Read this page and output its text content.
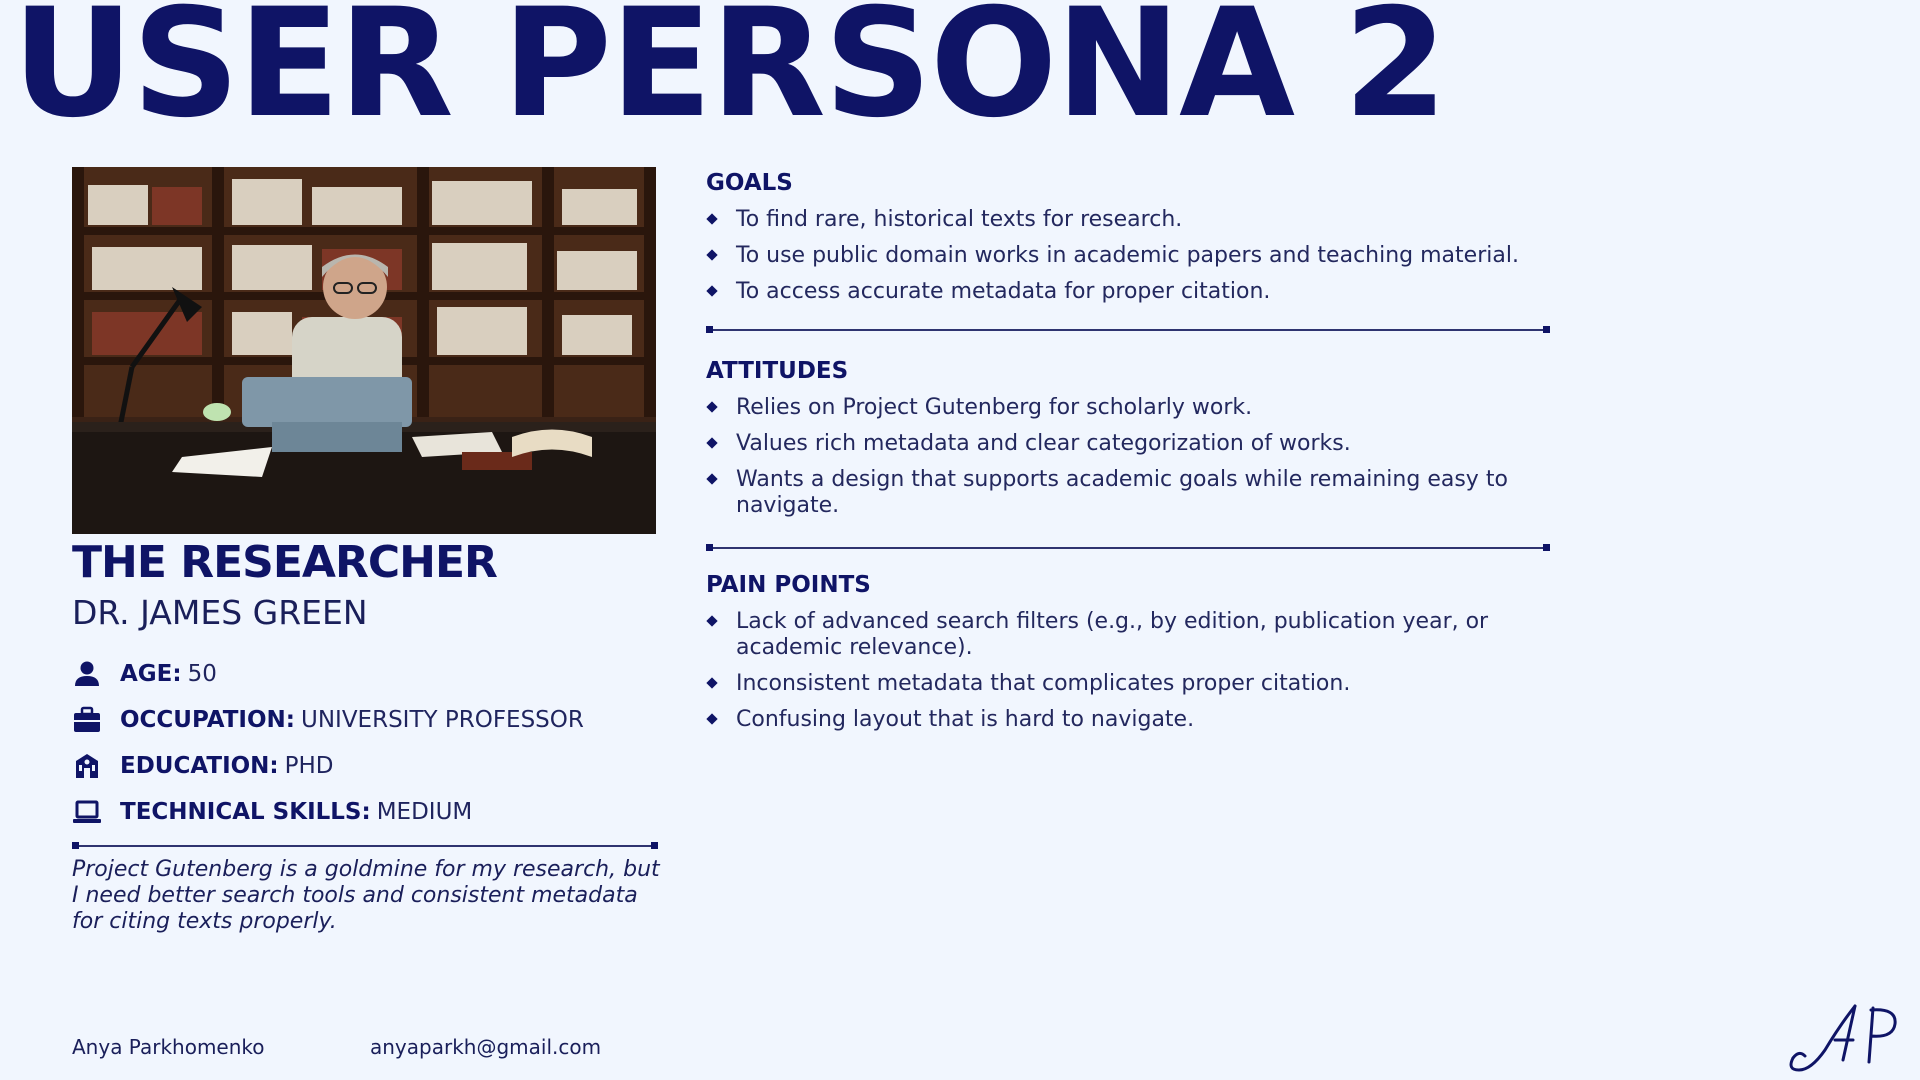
USER PERSONA 2
THE RESEARCHER
DR. JAMES GREEN
AGE: 50
OCCUPATION: UNIVERSITY PROFESSOR
EDUCATION: PHD
TECHNICAL SKILLS: MEDIUM
Project Gutenberg is a goldmine for my research, but I need better search tools and consistent metadata for citing texts properly.
GOALS
To find rare, historical texts for research.
To use public domain works in academic papers and teaching material.
To access accurate metadata for proper citation.
ATTITUDES
Relies on Project Gutenberg for scholarly work.
Values rich metadata and clear categorization of works.
Wants a design that supports academic goals while remaining easy to navigate.
PAIN POINTS
Lack of advanced search filters (e.g., by edition, publication year, or academic relevance).
Inconsistent metadata that complicates proper citation.
Confusing layout that is hard to navigate.
Anya Parkhomenko	anyaparkh@gmail.com
